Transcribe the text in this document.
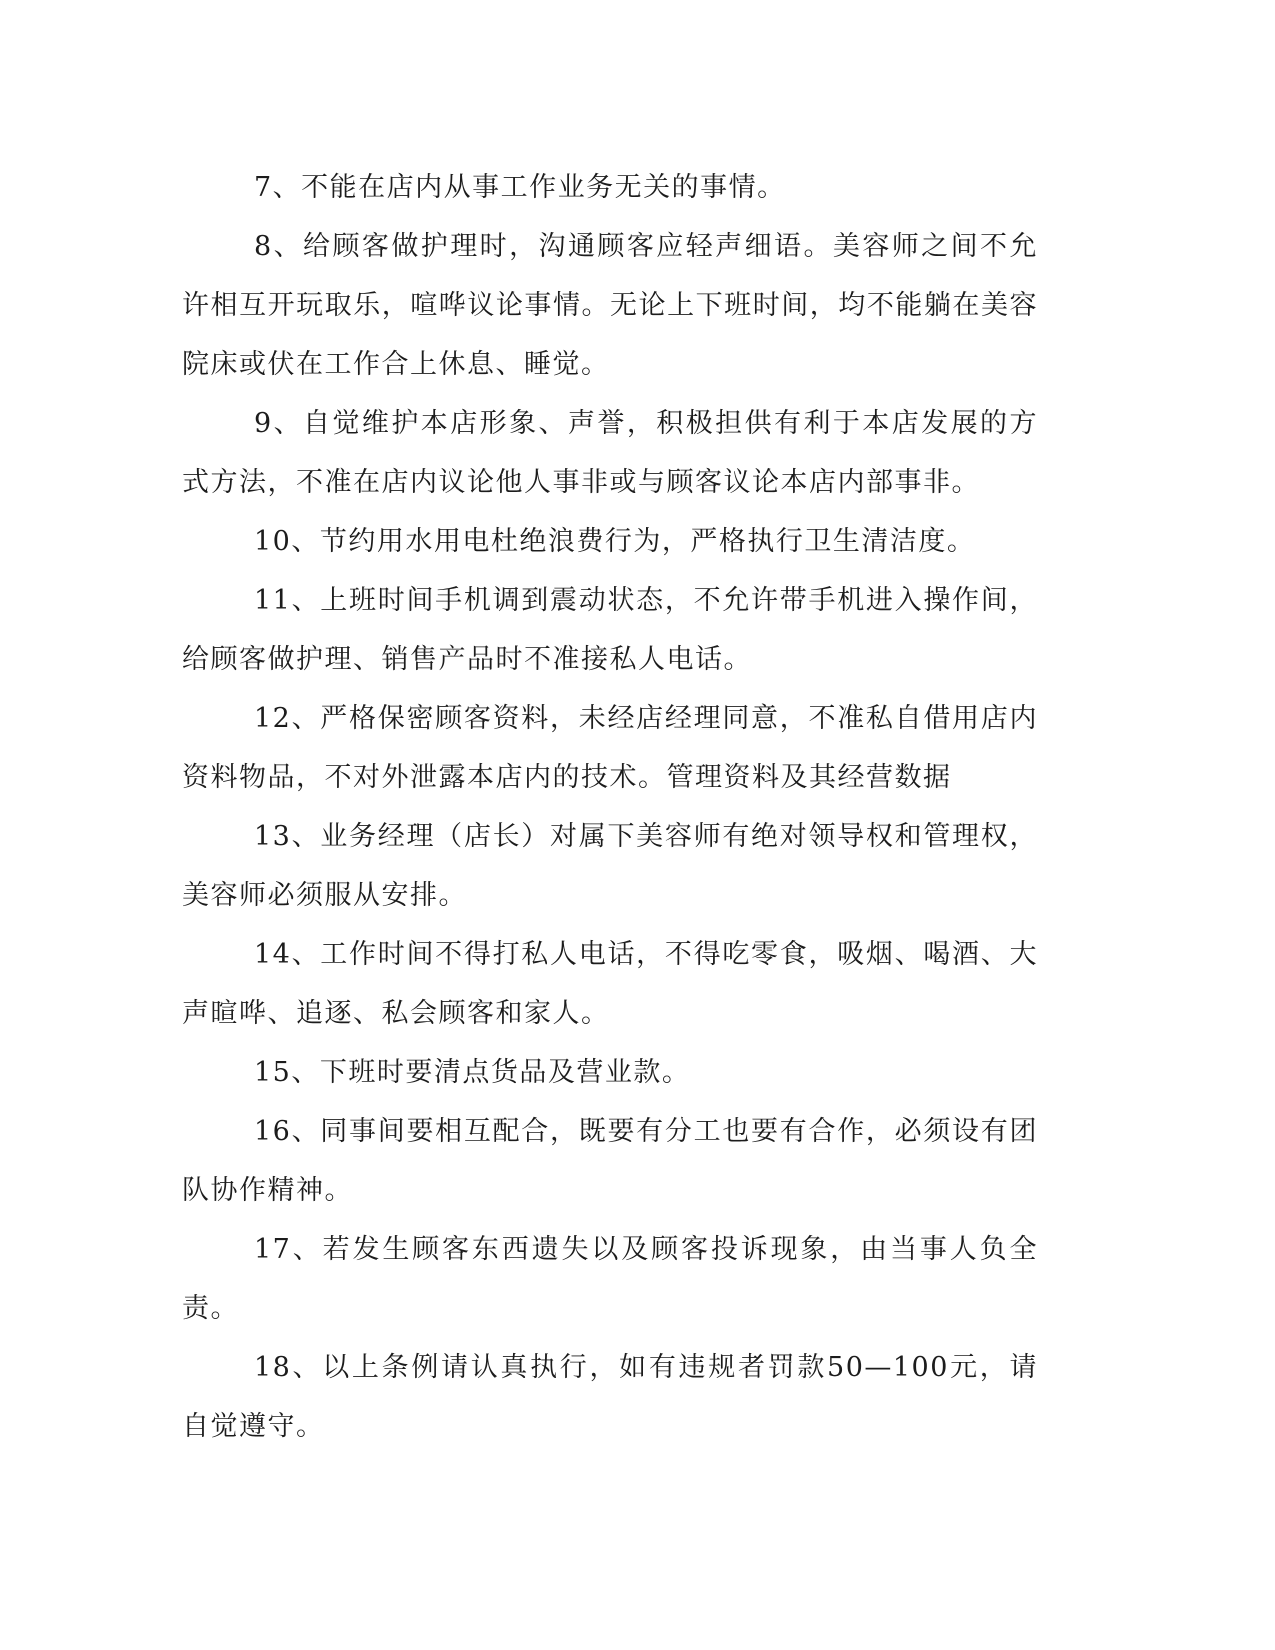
7、不能在店内从事工作业务无关的事情。

8、给顾客做护理时，沟通顾客应轻声细语。美容师之间不允许相互开玩取乐，喧哗议论事情。无论上下班时间，均不能躺在美容院床或伏在工作合上休息、睡觉。

9、自觉维护本店形象、声誉，积极担供有利于本店发展的方式方法，不准在店内议论他人事非或与顾客议论本店内部事非。

10、节约用水用电杜绝浪费行为，严格执行卫生清洁度。

11、上班时间手机调到震动状态，不允许带手机进入操作间，给顾客做护理、销售产品时不准接私人电话。

12、严格保密顾客资料，未经店经理同意，不准私自借用店内资料物品，不对外泄露本店内的技术。管理资料及其经营数据

13、业务经理（店长）对属下美容师有绝对领导权和管理权，美容师必须服从安排。

14、工作时间不得打私人电话，不得吃零食，吸烟、喝酒、大声暄哗、追逐、私会顾客和家人。

15、下班时要清点货品及营业款。

16、同事间要相互配合，既要有分工也要有合作，必须设有团队协作精神。

17、若发生顾客东西遗失以及顾客投诉现象，由当事人负全责。

18、以上条例请认真执行，如有违规者罚款50—100元，请自觉遵守。
